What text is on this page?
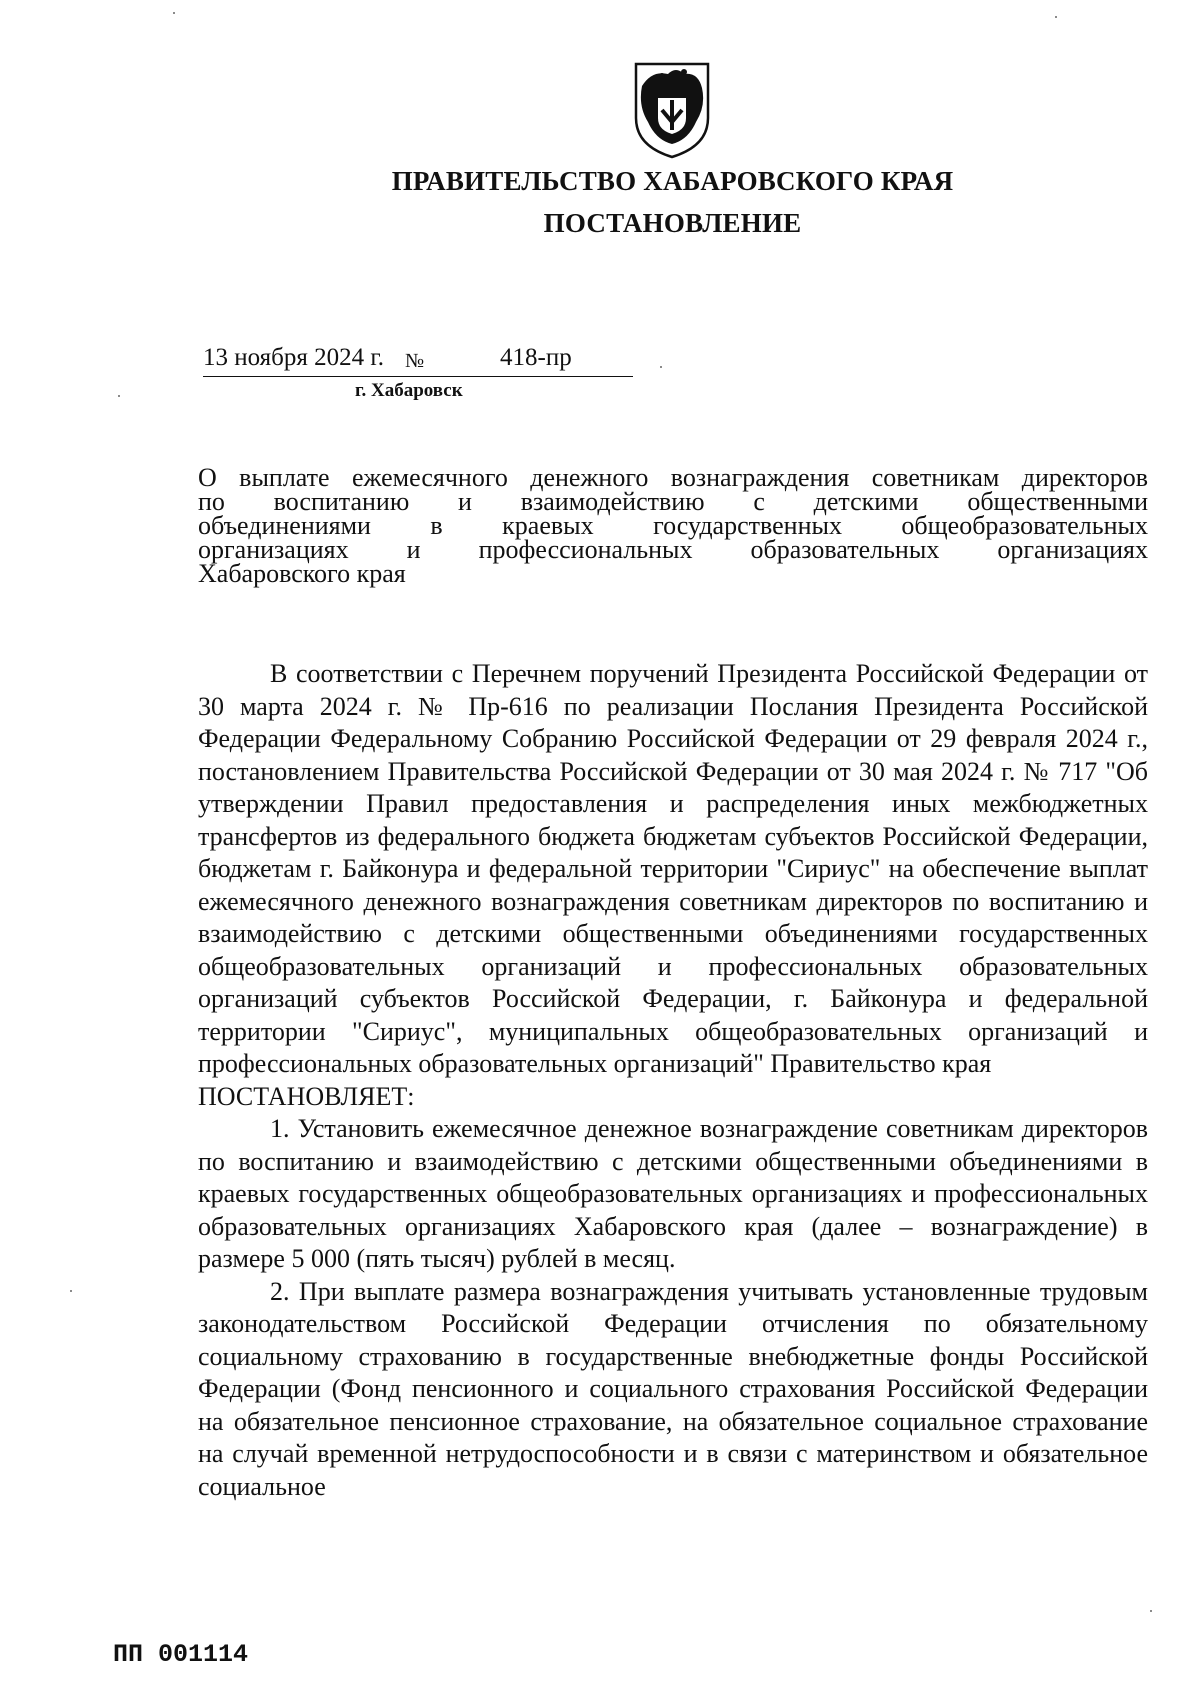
ПРАВИТЕЛЬСТВО ХАБАРОВСКОГО КРАЯ
ПОСТАНОВЛЕНИЕ
13 ноября 2024 г. №	418-пр
г. Хабаровск
О выплате ежемесячного денежного вознаграждения советникам директоров
по воспитанию и взаимодействию с детскими общественными
объединениями в краевых государственных общеобразовательных
организациях и профессиональных образовательных организациях
Хабаровского края

В соответствии с Перечнем поручений Президента Российской Федерации от 30 марта 2024 г. № Пр-616 по реализации Послания Президента Российской Федерации Федеральному Собранию Российской Федерации от 29 февраля 2024 г., постановлением Правительства Российской Федерации от 30 мая 2024 г. № 717 "Об утверждении Правил предоставления и распределения иных межбюджетных трансфертов из федерального бюджета бюджетам субъектов Российской Федерации, бюджетам г. Байконура и федеральной территории "Сириус" на обеспечение выплат ежемесячного денежного вознаграждения советникам директоров по воспитанию и взаимодействию с детскими общественными объединениями государственных общеобразовательных организаций и профессиональных образовательных организаций субъектов Российской Федерации, г. Байконура и федеральной территории "Сириус", муниципальных общеобразовательных организаций и профессиональных образовательных организаций" Правительство края

ПОСТАНОВЛЯЕТ:

1. Установить ежемесячное денежное вознаграждение советникам директоров по воспитанию и взаимодействию с детскими общественными объединениями в краевых государственных общеобразовательных организациях и профессиональных образовательных организациях Хабаровского края (далее – вознаграждение) в размере 5 000 (пять тысяч) рублей в месяц.

2. При выплате размера вознаграждения учитывать установленные трудовым законодательством Российской Федерации отчисления по обязательному социальному страхованию в государственные внебюджетные фонды Российской Федерации (Фонд пенсионного и социального страхования Российской Федерации на обязательное пенсионное страхование, на обязательное социальное страхование на случай временной нетрудоспособности и в связи с материнством и обязательное социальное

ПП 001114
